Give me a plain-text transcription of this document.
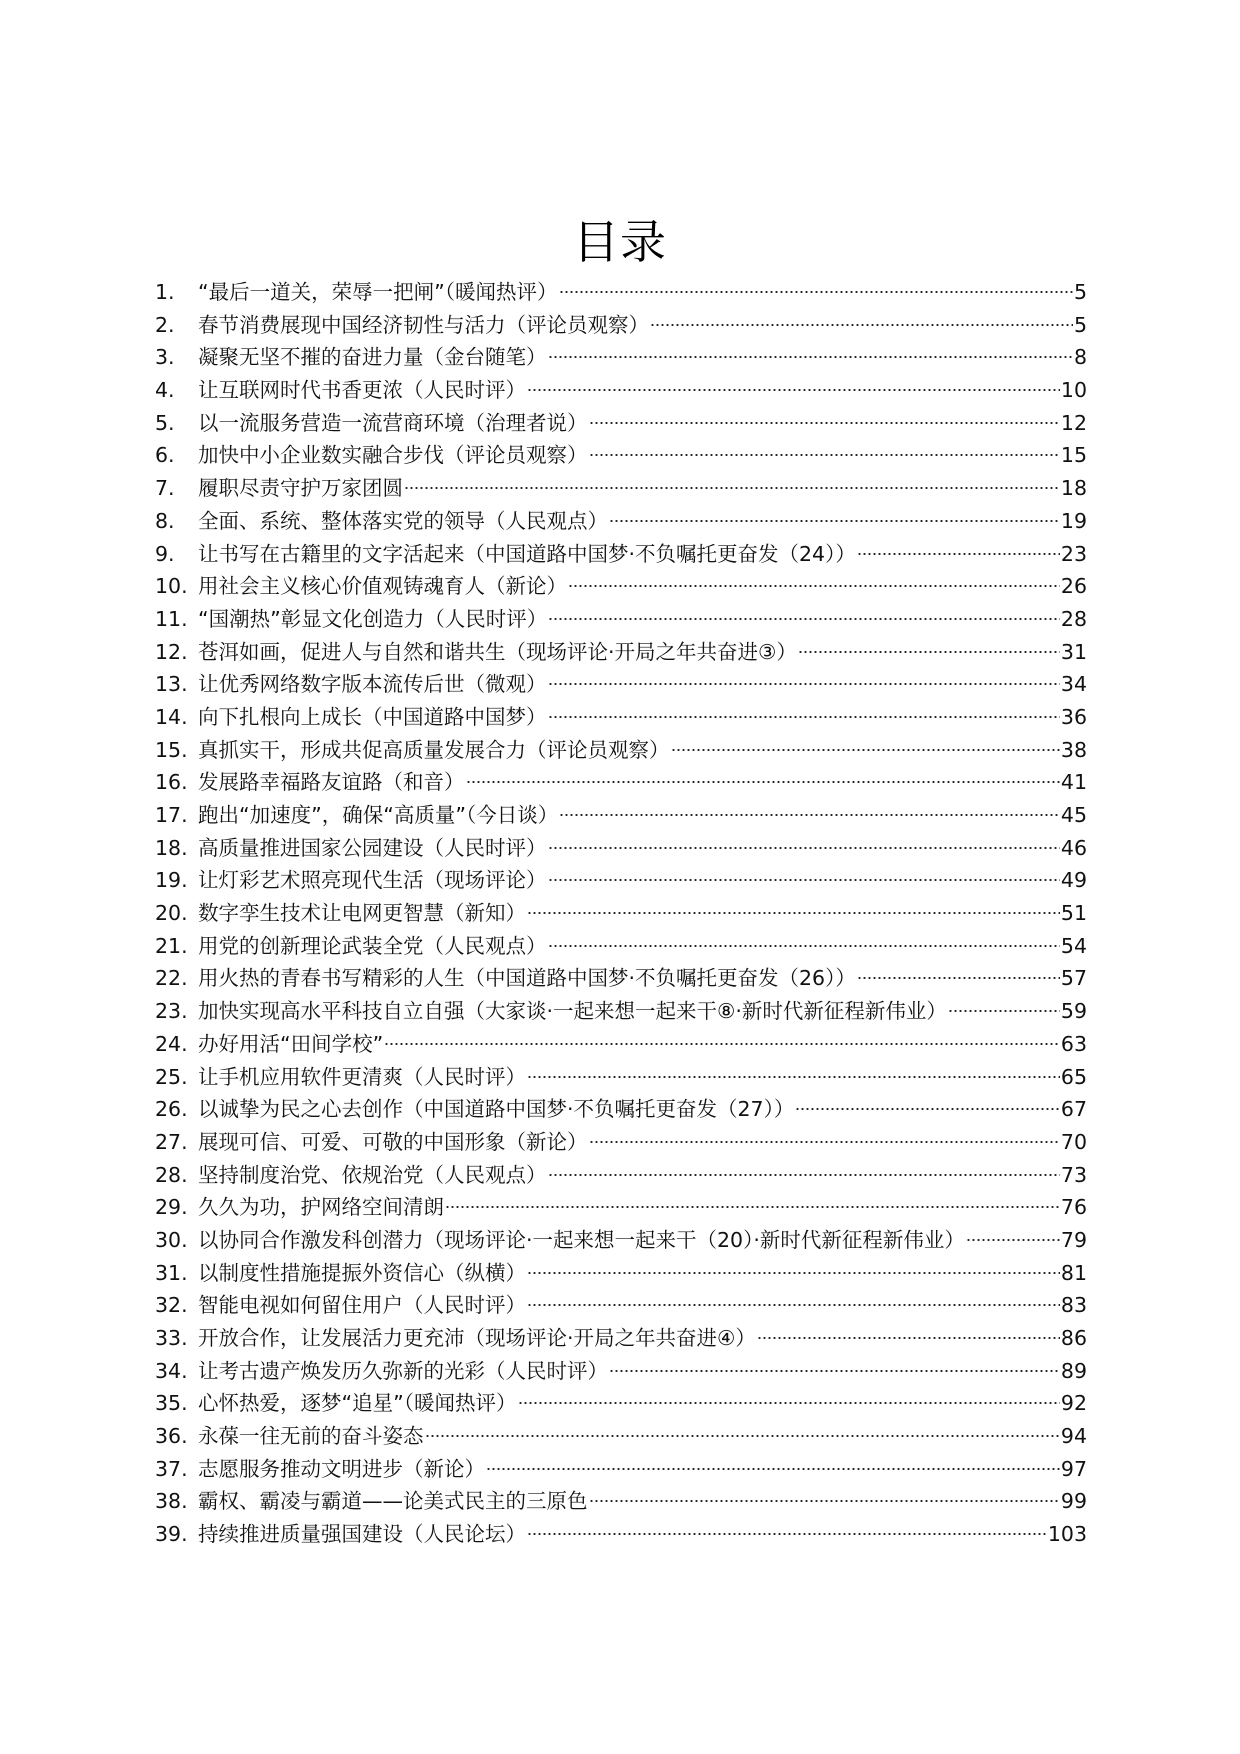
目录
1.	“最后一道关，荣辱一把闸”（暖闻热评）	5
2.	春节消费展现中国经济韧性与活力（评论员观察）	5
3.	凝聚无坚不摧的奋进力量（金台随笔）	8
4.	让互联网时代书香更浓（人民时评）	10
5.	以一流服务营造一流营商环境（治理者说）	12
6.	加快中小企业数实融合步伐（评论员观察）	15
7.	履职尽责守护万家团圆	18
8.	全面、系统、整体落实党的领导（人民观点）	19
9.	让书写在古籍里的文字活起来（中国道路中国梦·不负嘱托更奋发（24））	23
10. 用社会主义核心价值观铸魂育人（新论）	26
11. “国潮热”彰显文化创造力（人民时评）	28
12. 苍洱如画，促进人与自然和谐共生（现场评论·开局之年共奋进③）	31
13. 让优秀网络数字版本流传后世（微观）	34
14. 向下扎根向上成长（中国道路中国梦）	36
15. 真抓实干，形成共促高质量发展合力（评论员观察）	38
16. 发展路幸福路友谊路（和音）	41
17. 跑出“加速度”，确保“高质量”（今日谈）	45
18. 高质量推进国家公园建设（人民时评）	46
19. 让灯彩艺术照亮现代生活（现场评论）	49
20. 数字孪生技术让电网更智慧（新知）	51
21. 用党的创新理论武装全党（人民观点）	54
22. 用火热的青春书写精彩的人生（中国道路中国梦·不负嘱托更奋发（26））	57
23. 加快实现高水平科技自立自强（大家谈·一起来想一起来干⑧·新时代新征程新伟业）	59
24. 办好用活“田间学校”	63
25. 让手机应用软件更清爽（人民时评）	65
26. 以诚挚为民之心去创作（中国道路中国梦·不负嘱托更奋发（27））	67
27. 展现可信、可爱、可敬的中国形象（新论）	70
28. 坚持制度治党、依规治党（人民观点）	73
29. 久久为功，护网络空间清朗	76
30. 以协同合作激发科创潜力（现场评论·一起来想一起来干（20）·新时代新征程新伟业）	79
31. 以制度性措施提振外资信心（纵横）	81
32. 智能电视如何留住用户（人民时评）	83
33. 开放合作，让发展活力更充沛（现场评论·开局之年共奋进④）	86
34. 让考古遗产焕发历久弥新的光彩（人民时评）	89
35. 心怀热爱，逐梦“追星”（暖闻热评）	92
36. 永葆一往无前的奋斗姿态	94
37. 志愿服务推动文明进步（新论）	97
38. 霸权、霸凌与霸道——论美式民主的三原色	99
39. 持续推进质量强国建设（人民论坛）	103
